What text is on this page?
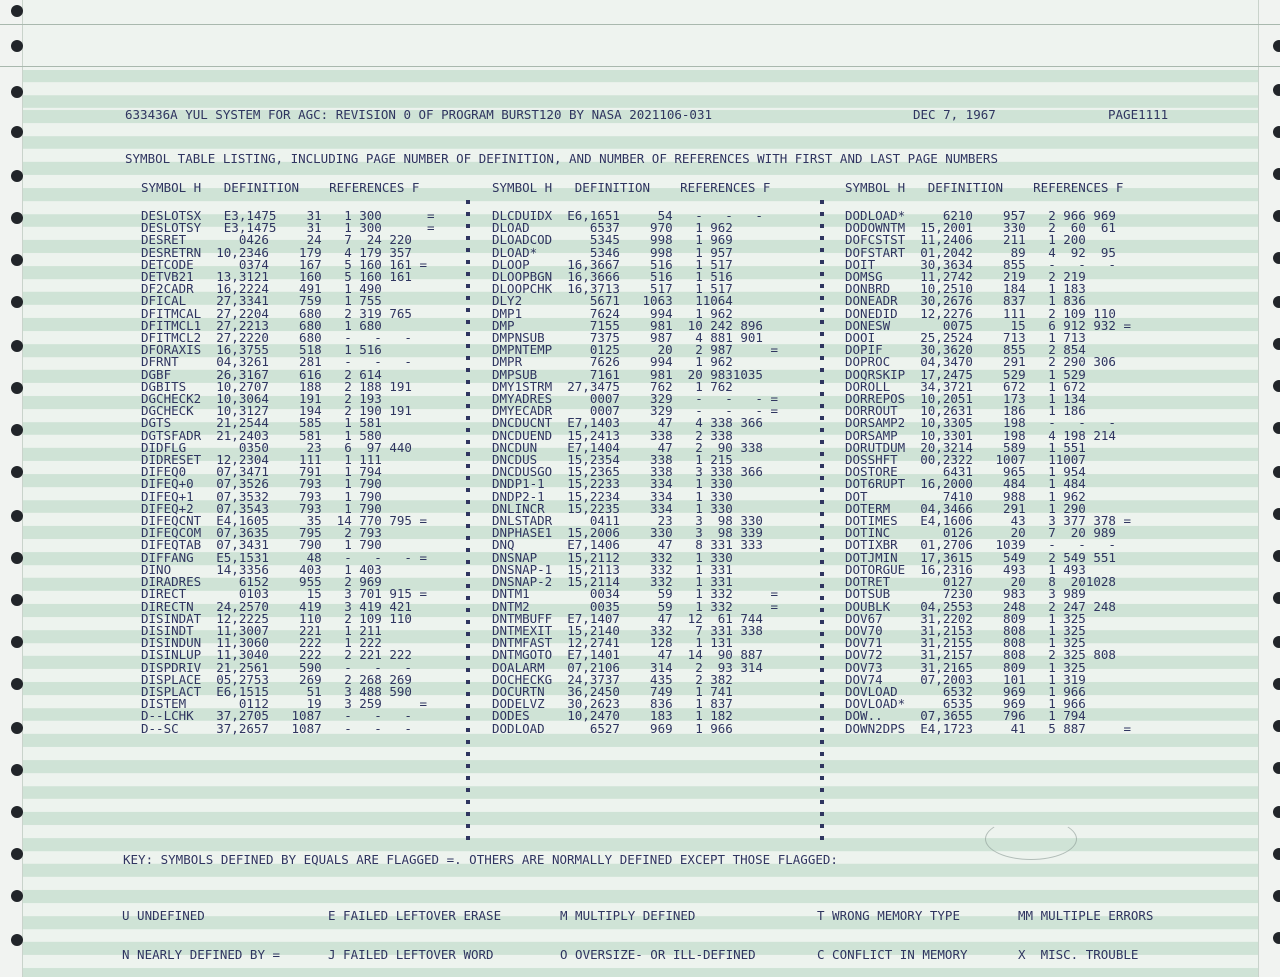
633436A YUL SYSTEM FOR AGC: REVISION 0 OF PROGRAM BURST120 BY NASA 2021106-031	DEC 7, 1967	PAGE1111
SYMBOL TABLE LISTING, INCLUDING PAGE NUMBER OF DEFINITION, AND NUMBER OF REFERENCES WITH FIRST AND LAST PAGE NUMBERS
SYMBOL H   DEFINITION    REFERENCES F	SYMBOL H   DEFINITION    REFERENCES F	SYMBOL H   DEFINITION    REFERENCES F
DESLOTSX   E3,1475    31   1 300      =
DESLOTSY   E3,1475    31   1 300      =
DESRET       0426     24   7  24 220
DESRETRN  10,2346    179   4 179 357
DETCODE      0374    167   5 160 161 =
DETVB21   13,3121    160   5 160 161
DF2CADR   16,2224    491   1 490
DFICAL    27,3341    759   1 755
DFITMCAL  27,2204    680   2 319 765
DFITMCL1  27,2213    680   1 680
DFITMCL2  27,2220    680   -   -   -
DFORAXIS  16,3755    518   1 516
DFRNT     04,3261    281   -   -   -
DGBF      26,3167    616   2 614
DGBITS    10,2707    188   2 188 191
DGCHECK2  10,3064    191   2 193
DGCHECK   10,3127    194   2 190 191
DGTS      21,2544    585   1 581
DGTSFADR  21,2403    581   1 580
DIDFLG       0350     23   6  97 440
DIDRESET  12,2304    111   1 111
DIFEQ0    07,3471    791   1 794
DIFEQ+0   07,3526    793   1 790
DIFEQ+1   07,3532    793   1 790
DIFEQ+2   07,3543    793   1 790
DIFEQCNT  E4,1605     35  14 770 795 =
DIFEQCOM  07,3635    795   2 793
DIFEQTAB  07,3431    790   1 790
DIFFANG   E5,1531     48   -   -   - =
DINO      14,3356    403   1 403
DIRADRES     6152    955   2 969
DIRECT       0103     15   3 701 915 =
DIRECTN   24,2570    419   3 419 421
DISINDAT  12,2225    110   2 109 110
DISINDT   11,3007    221   1 211
DISINDUN  11,3060    222   1 222
DISINLUP  11,3040    222   2 221 222
DISPDRIV  21,2561    590   -   -   -
DISPLACE  05,2753    269   2 268 269
DISPLACT  E6,1515     51   3 488 590
DISTEM       0112     19   3 259     =
D--LCHK   37,2705   1087   -   -   -
D--SC     37,2657   1087   -   -   -
DLCDUIDX  E6,1651     54   -   -   -
DLOAD        6537    970   1 962
DLOADCOD     5345    998   1 969
DLOAD*       5346    998   1 957
DLOOP     16,3667    516   1 517
DLOOPBGN  16,3666    516   1 516
DLOOPCHK  16,3713    517   1 517
DLY2         5671   1063   11064
DMP1         7624    994   1 962
DMP          7155    981  10 242 896
DMPNSUB      7375    987   4 881 901
DMPNTEMP     0125     20   2 987     =
DMPR         7626    994   1 962
DMPSUB       7161    981  20 9831035
DMY1STRM  27,3475    762   1 762
DMYADRES     0007    329   -   -   - =
DMYECADR     0007    329   -   -   - =
DNCDUCNT  E7,1403     47   4 338 366
DNCDUEND  15,2413    338   2 338
DNCDUN    E7,1404     47   2  90 338
DNCDUS    15,2354    338   1 215
DNCDUSGO  15,2365    338   3 338 366
DNDP1-1   15,2233    334   1 330
DNDP2-1   15,2234    334   1 330
DNLINCR   15,2235    334   1 330
DNLSTADR     0411     23   3  98 330
DNPHASE1  15,2006    330   3  98 339
DNQ       E7,1406     47   8 331 333
DNSNAP    15,2112    332   1 330
DNSNAP-1  15,2113    332   1 331
DNSNAP-2  15,2114    332   1 331
DNTM1        0034     59   1 332     =
DNTM2        0035     59   1 332     =
DNTMBUFF  E7,1407     47  12  61 744
DNTMEXIT  15,2140    332   7 331 338
DNTMFAST  12,2741    128   1 131
DNTMGOTO  E7,1401     47  14  90 887
DOALARM   07,2106    314   2  93 314
DOCHECKG  24,3737    435   2 382
DOCURTN   36,2450    749   1 741
DODELVZ   30,2623    836   1 837
DODES     10,2470    183   1 182
DODLOAD      6527    969   1 966
DODLOAD*     6210    957   2 966 969
DODOWNTM  15,2001    330   2  60  61
DOFCSTST  11,2406    211   1 200
DOFSTART  01,2042     89   4  92  95
DOIT      30,3634    855   -   -   -
DOMSG     11,2742    219   2 219
DONBRD    10,2510    184   1 183
DONEADR   30,2676    837   1 836
DONEDID   12,2276    111   2 109 110
DONESW       0075     15   6 912 932 =
DOOI      25,2524    713   1 713
DOPIF     30,3620    855   2 854
DOPROC    04,3470    291   2 290 306
DOQRSKIP  17,2475    529   1 529
DOROLL    34,3721    672   1 672
DORREPOS  10,2051    173   1 134
DORROUT   10,2631    186   1 186
DORSAMP2  10,3305    198   -   -   -
DORSAMP   10,3301    198   4 198 214
DORUTDUM  20,3214    589   1 551
DOSSHFT   00,2322   1007   11007
DOSTORE      6431    965   1 954
DOT6RUPT  16,2000    484   1 484
DOT          7410    988   1 962
DOTERM    04,3466    291   1 290
DOTIMES   E4,1606     43   3 377 378 =
DOTINC       0126     20   7  20 989
DOTIXBR   01,2706   1039   -   -   -
DOTJMIN   17,3615    549   2 549 551
DOTORGUE  16,2316    493   1 493
DOTRET       0127     20   8  201028
DOTSUB       7230    983   3 989
DOUBLK    04,2553    248   2 247 248
DOV67     31,2202    809   1 325
DOV70     31,2153    808   1 325
DOV71     31,2155    808   1 325
DOV72     31,2157    808   2 325 808
DOV73     31,2165    809   1 325
DOV74     07,2003    101   1 319
DOVLOAD      6532    969   1 966
DOVLOAD*     6535    969   1 966
DOW..     07,3655    796   1 794
DOWN2DPS  E4,1723     41   5 887     =
KEY: SYMBOLS DEFINED BY EQUALS ARE FLAGGED =. OTHERS ARE NORMALLY DEFINED EXCEPT THOSE FLAGGED:

U UNDEFINED

N NEARLY DEFINED BY =

E FAILED LEFTOVER ERASE

J FAILED LEFTOVER WORD

M MULTIPLY DEFINED

O OVERSIZE- OR ILL-DEFINED

T WRONG MEMORY TYPE

C CONFLICT IN MEMORY

MM MULTIPLE ERRORS

X  MISC. TROUBLE
